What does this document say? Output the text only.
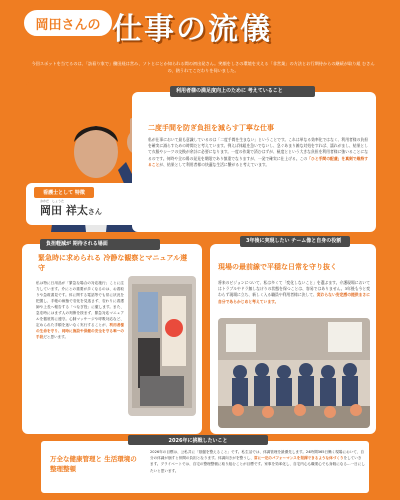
岡田さんの 仕事の流儀
今回スポットを当てるのは、「訪看り家で」働田経は営み、ソトとにとか知られる間の初出発さん。笑顔をしさの環境を支える「非営業」の方法とお行期待からの継続が取り組 むさんの、熱うれてこだわりを伺いました。
看護士として 特徴
おかだ　しょうた
岡田 祥太さん
利用者様の満足度向上のために 考えていること
二度手間を防ぎ負担を減らす丁寧な仕事
私が仕事において最も意識しているのは「二度手間を生まない」ということです。これは単なる効率化ではなく、利用者様の負担を確実に減らすための時間だと考えています。例えば体組を急いでないし、急ぐあまり雑な対処をすれば、濡れがまし、結果として衣服やシーツの交換が余計に必要になります。一度の作業で済むはずが、極度とという大きな負担を利用者様に強いることになるのです。何時や全の場の発見を期限であり慎重でなりますが、一発で確実に仕上げる。この「ひと手間の配慮」を真剣で維持することが、結果として利用者様の快適な生活に繋がると考えています。
負担軽減が 期待される場面
緊急時に求められる 冷静な観察とマニュアル遵守
私は特に日用品が「緊急な場合の対応施行」ことに注力しています。介にとの重要が歩くなるのは、お看取りや急救書見です。体に関する電話等でも常に状況を把握し、手帳の病態で変化を見逃さず、変わりに看護師や上長へ報告する「つなぎ役」に徹します。また、急変時にはまず人の判断を挟まず、緊急対応マニュアルを徹底的に遵守。心肺マッサージや呼吸対応など、定められた手順を迷いなく実行することが、利用者様の生命を守り、同時に施設や保健の安全を守る唯一の手段だと思います。
3年後に実現したい チーム像と自身の役割
現場の最前線で平穏な日常を守り抜く
将来のビジョンについて、私は多くて「変化しないこと」を選ぶます。介護現場においてはトラブルやドラ無しなけりの状態を保つことは、容易ではありません。3年後も今と変わらず現場に立ち、新しく入る職員や利用者様に決して、変わらない安定感の提供まさに自分であらかじめと考えています。
2026年に挑戦したいこと
万全な健康管理と 生活環境の整理整頓
2026年の目標は、公私共に「基盤を整えること」です。私生活では、体調管理を最優先します。24時間365日働く現場において、自分の体調が崩すと仲間の負担となります。体調向きがを整うし、常に一定のパフォーマンスを発揮できるような体づくりをしていきます。プライベートでは、自宅の整理整頓に取り組むことが目標です。家事を効率化し、自宅内心も職業心でも身軽になる…一日にしたいと思います。
